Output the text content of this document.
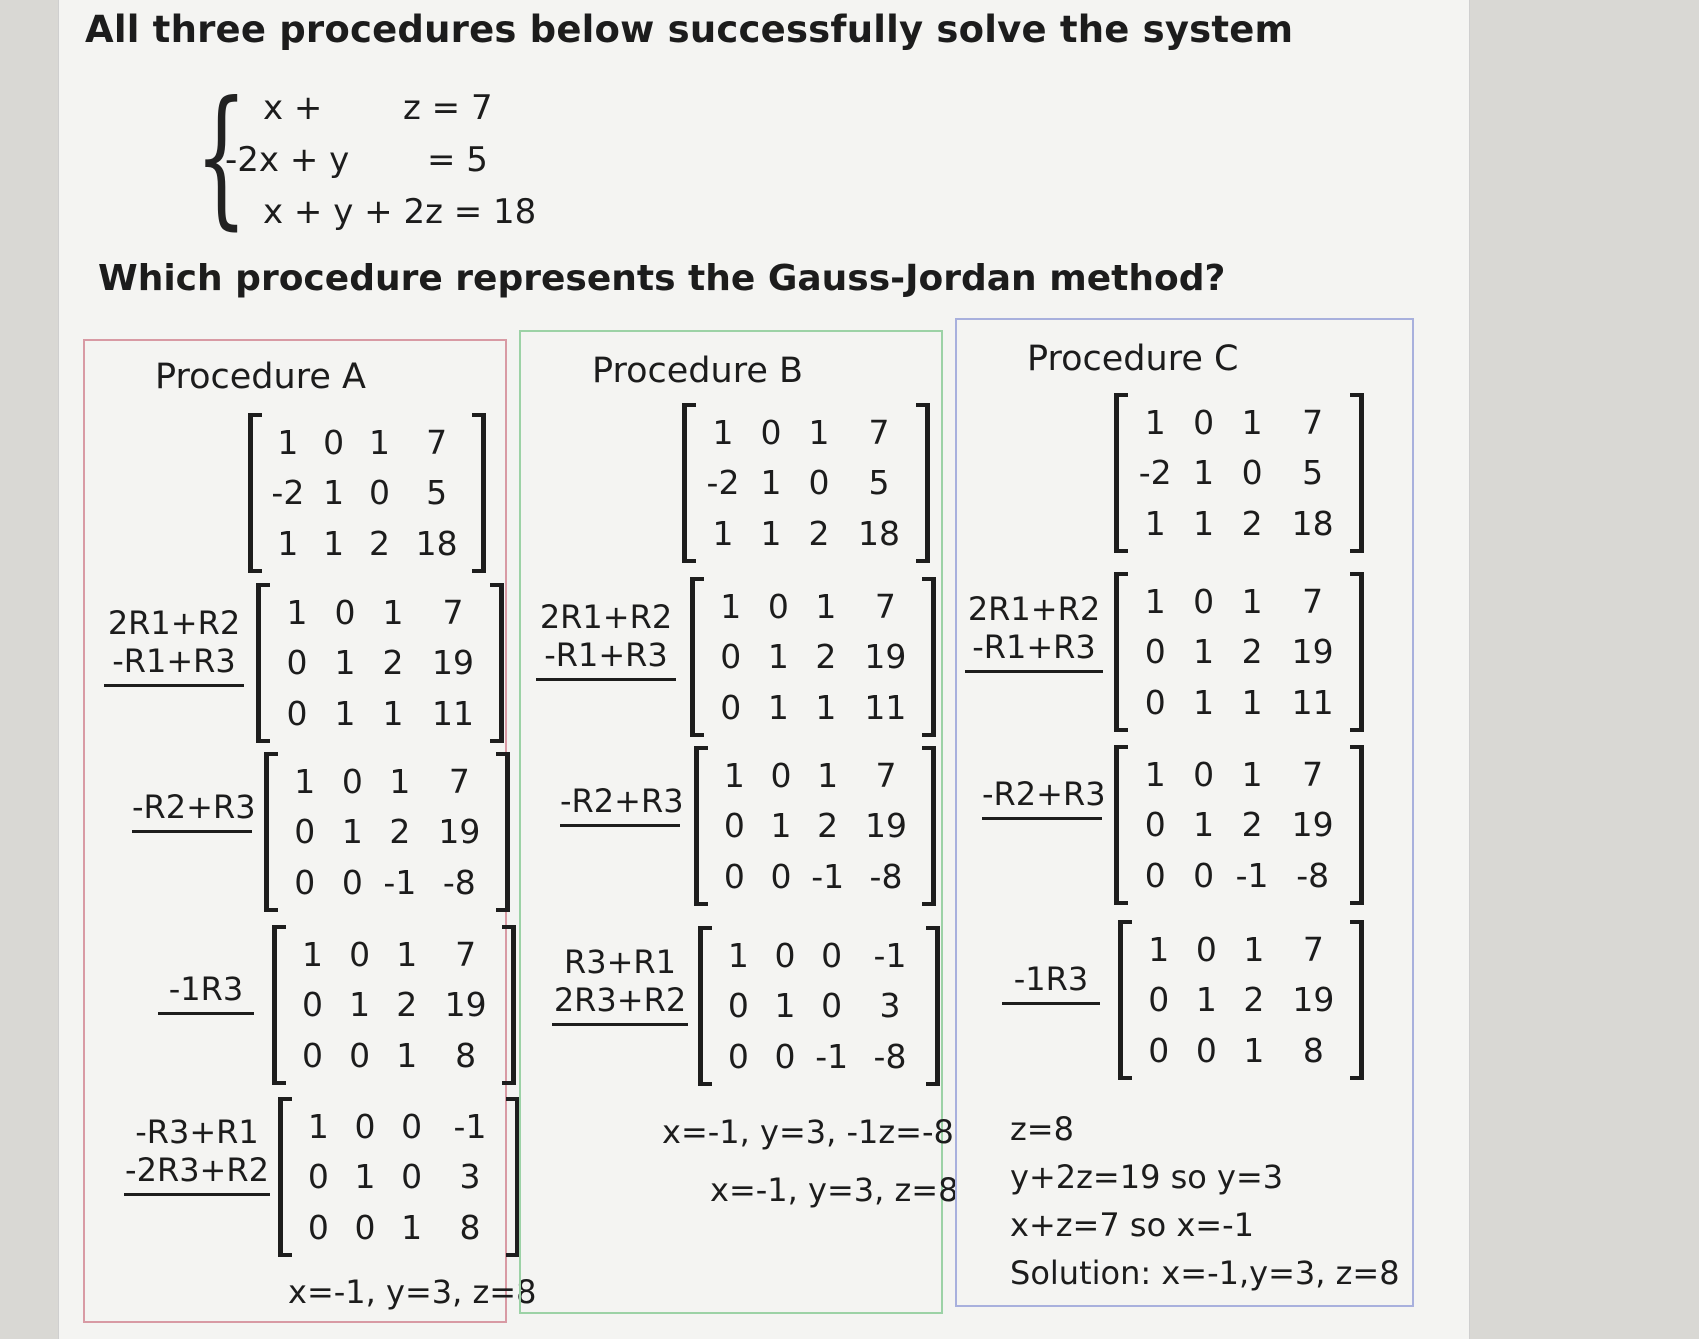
All three procedures below successfully solve the system
{ x + z = 7
-2x + y = 5
x + y + 2z = 18
Which procedure represents the Gauss-Jordan method?
Procedure A
1 0 1	7
-2 1 0	5
1 1 2 18
2R1+R2
-R1+R3
1 0 1	7
0 1 2 19
0 1 1 11
-R2+R3
1 0 1	7
0 1 2 19
0 0 -1 -8
-1R3
1 0 1	7
0 1 2 19
0 0 1	8
-R3+R1
-2R3+R2
1 0 0 -1
0 1 0	3
0 0 1	8
x=-1, y=3, z=8
Procedure B
1 0 1	7
-2 1 0	5
1 1 2 18
2R1+R2
-R1+R3
1 0 1	7
0 1 2 19
0 1 1 11
-R2+R3
1 0 1	7
0 1 2 19
0 0 -1 -8
R3+R1
2R3+R2
1 0 0 -1
0 1 0	3
0 0 -1 -8
x=-1, y=3, -1z=-8
x=-1, y=3, z=8
Procedure C
1 0 1	7
-2 1 0	5
1 1 2 18
2R1+R2
-R1+R3
1 0 1	7
0 1 2 19
0 1 1 11
-R2+R3
1 0 1	7
0 1 2 19
0 0 -1 -8
-1R3
1 0 1	7
0 1 2 19
0 0 1	8
z=8
y+2z=19 so y=3
x+z=7 so x=-1
Solution: x=-1,y=3, z=8
